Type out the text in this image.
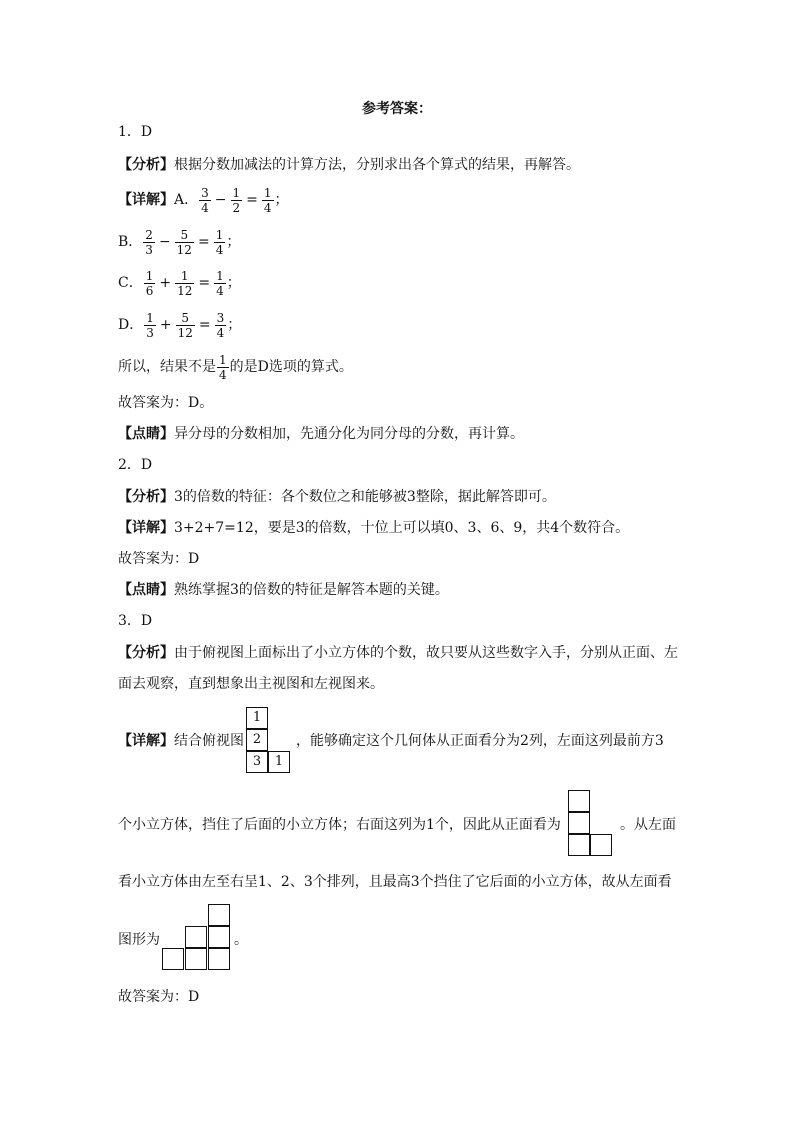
参考答案：
1．D
【分析】根据分数加减法的计算方法，分别求出各个算式的结果，再解答。
【详解】A． $\frac{3}{4} - \frac{1}{2} = \frac{1}{4}$ ；
B． $\frac{2}{3} - \frac{5}{12} = \frac{1}{4}$ ；
C． $\frac{1}{6} + \frac{1}{12} = \frac{1}{4}$ ；
D． $\frac{1}{3} + \frac{5}{12} = \frac{3}{4}$ ；
所以，结果不是 $\frac{1}{4}$ 的是D选项的算式。
故答案为：D。
【点睛】异分母的分数相加，先通分化为同分母的分数，再计算。
2．D
【分析】3的倍数的特征：各个数位之和能够被3整除，据此解答即可。
【详解】3+2+7=12，要是3的倍数，十位上可以填0、3、6、9，共4个数符合。
故答案为：D
【点睛】熟练掌握3的倍数的特征是解答本题的关键。
3．D
【分析】由于俯视图上面标出了小立方体的个数，故只要从这些数字入手，分别从正面、左
面去观察，直到想象出主视图和左视图来。
【详解】结合俯视图	，能够确定这个几何体从正面看分为2列，左面这列最前方3
1
2
3	1
个小立方体，挡住了后面的小立方体；右面这列为1个，因此从正面看为	。从左面
看小立方体由左至右呈1、2、3个排列，且最高3个挡住了它后面的小立方体，故从左面看
图形为	。
故答案为：D
